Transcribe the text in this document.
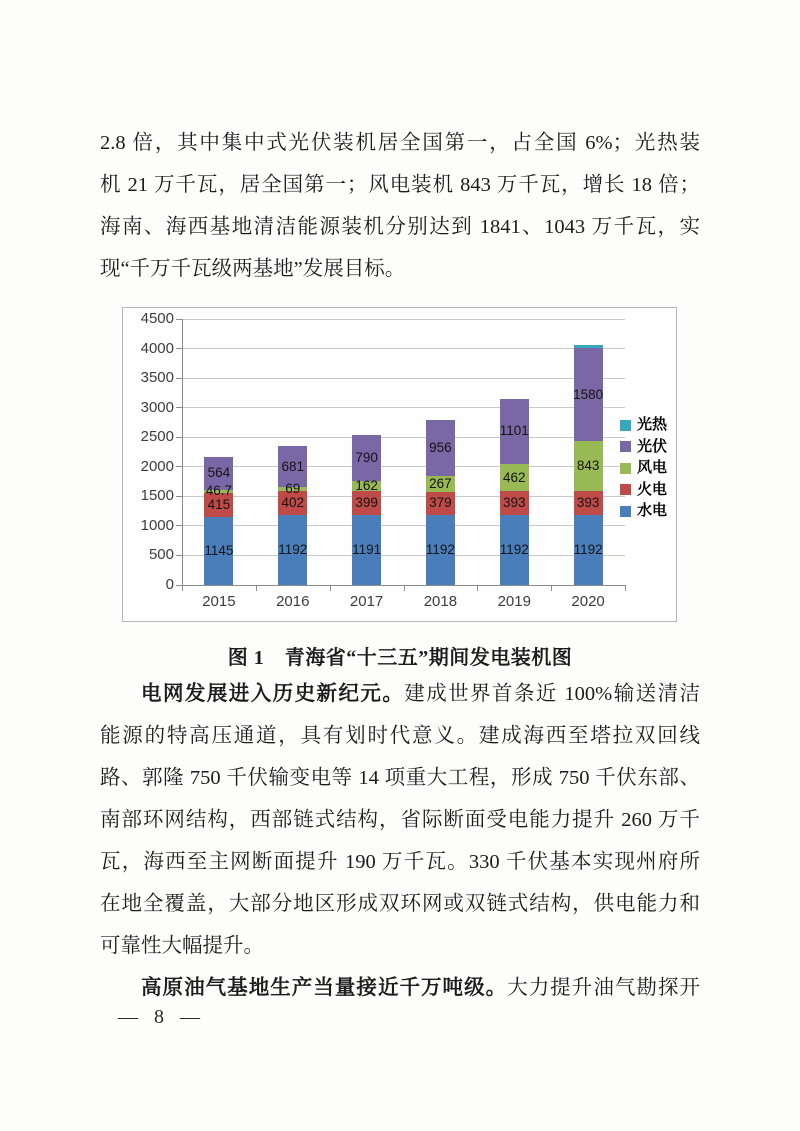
2.8 倍，其中集中式光伏装机居全国第一，占全国 6%；光热装
机 21 万千瓦，居全国第一；风电装机 843 万千瓦，增长 18 倍；
海南、海西基地清洁能源装机分别达到 1841、1043 万千瓦，实
现“千万千瓦级两基地”发展目标。
0
500
1000
1500
2000
2500
3000
3500
4000
4500
1145
415
46.7
564
2015
1192
402
69
681
2016
1191
399
162
790
2017
1192
379
267
956
2018
1192
393
462
1101
2019
1192
393
843
1580
2020
光热
光伏
风电
火电
水电
图 1　青海省“十三五”期间发电装机图
电网发展进入历史新纪元。建成世界首条近 100%输送清洁
能源的特高压通道，具有划时代意义。建成海西至塔拉双回线
路、郭隆 750 千伏输变电等 14 项重大工程，形成 750 千伏东部、
南部环网结构，西部链式结构，省际断面受电能力提升 260 万千
瓦，海西至主网断面提升 190 万千瓦。330 千伏基本实现州府所
在地全覆盖，大部分地区形成双环网或双链式结构，供电能力和
可靠性大幅提升。
高原油气基地生产当量接近千万吨级。大力提升油气勘探开
— 8 —
